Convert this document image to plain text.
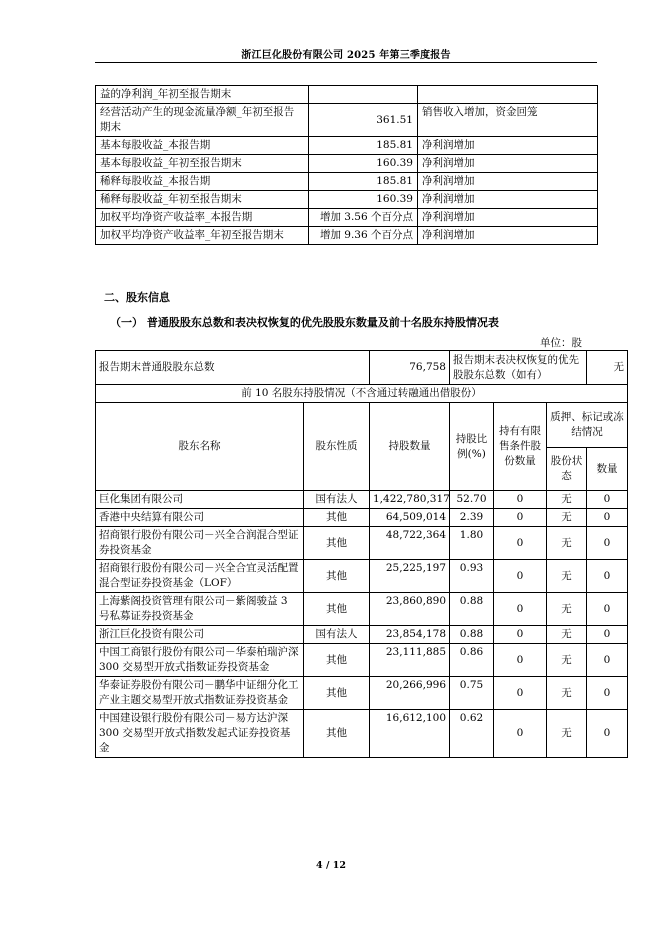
浙江巨化股份有限公司 2025 年第三季度报告
益的净利润_年初至报告期末		
经营活动产生的现金流量净额_年初至报告期末	361.51	销售收入增加，资金回笼
基本每股收益_本报告期	185.81	净利润增加
基本每股收益_年初至报告期末	160.39	净利润增加
稀释每股收益_本报告期	185.81	净利润增加
稀释每股收益_年初至报告期末	160.39	净利润增加
加权平均净资产收益率_本报告期	增加 3.56 个百分点	净利润增加
加权平均净资产收益率_年初至报告期末	增加 9.36 个百分点	净利润增加
二、股东信息
（一） 普通股股东总数和表决权恢复的优先股股东数量及前十名股东持股情况表
单位：股
报告期末普通股股东总数		76,758	报告期末表决权恢复的优先股股东总数（如有）			无
前 10 名股东持股情况（不含通过转融通出借股份）						
股东名称	股东性质	持股数量	持股比例(%)	持有有限售条件股份数量	质押、标记或冻结情况	
					股份状态	数量
巨化集团有限公司	国有法人	1,422,780,317	52.70	0	无	0
香港中央结算有限公司	其他	64,509,014	2.39	0	无	0
招商银行股份有限公司－兴全合润混合型证券投资基金	其他	48,722,364	1.80	0	无	0
招商银行股份有限公司－兴全合宜灵活配置混合型证券投资基金（LOF）	其他	25,225,197	0.93	0	无	0
上海紫阁投资管理有限公司－紫阁骏益 3 号私募证券投资基金	其他	23,860,890	0.88	0	无	0
浙江巨化投资有限公司	国有法人	23,854,178	0.88	0	无	0
中国工商银行股份有限公司－华泰柏瑞沪深 300 交易型开放式指数证券投资基金	其他	23,111,885	0.86	0	无	0
华泰证券股份有限公司－鹏华中证细分化工产业主题交易型开放式指数证券投资基金	其他	20,266,996	0.75	0	无	0
中国建设银行股份有限公司－易方达沪深 300 交易型开放式指数发起式证券投资基金	其他	16,612,100	0.62	0	无	0
4 / 12
